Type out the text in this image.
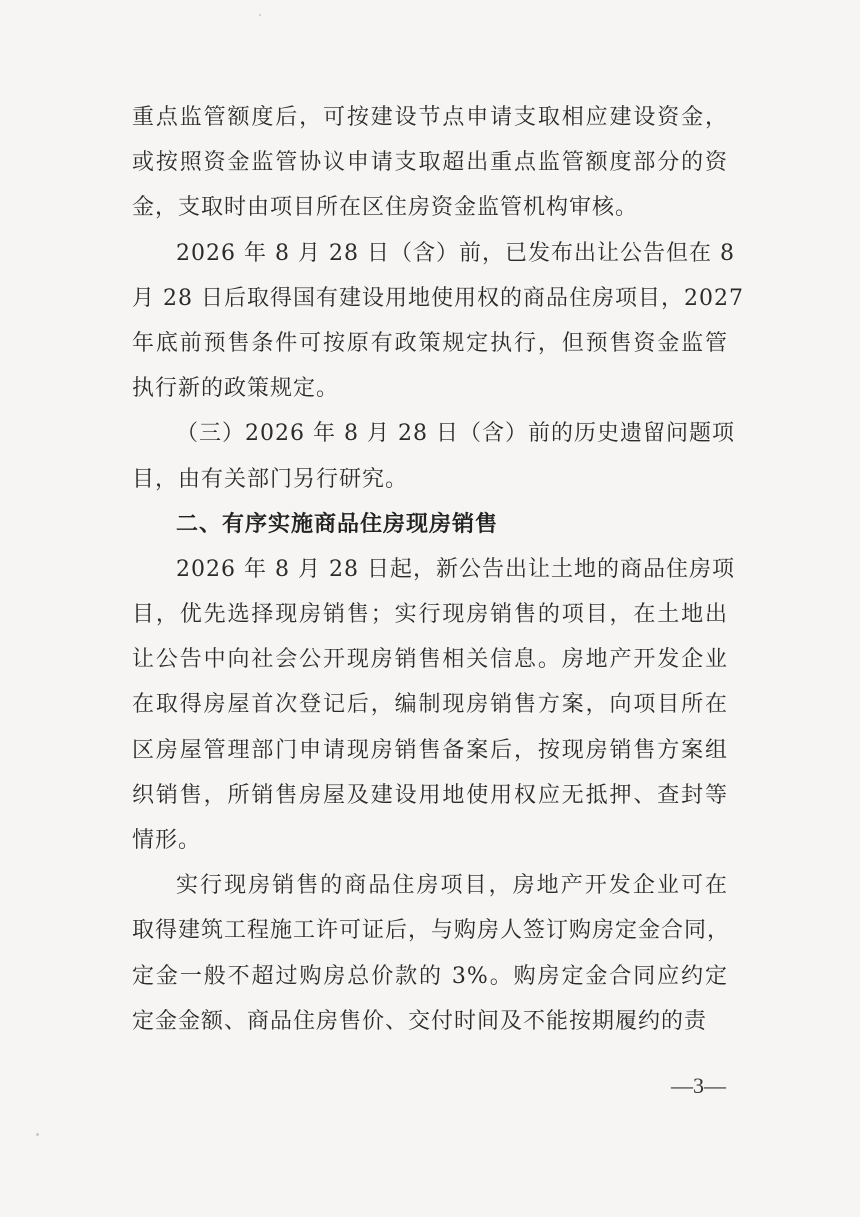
重点监管额度后，可按建设节点申请支取相应建设资金，
或按照资金监管协议申请支取超出重点监管额度部分的资
金，支取时由项目所在区住房资金监管机构审核。
2026 年 8 月 28 日（含）前，已发布出让公告但在 8
月 28 日后取得国有建设用地使用权的商品住房项目，2027
年底前预售条件可按原有政策规定执行，但预售资金监管
执行新的政策规定。
（三）2026 年 8 月 28 日（含）前的历史遗留问题项
目，由有关部门另行研究。
二、有序实施商品住房现房销售
2026 年 8 月 28 日起，新公告出让土地的商品住房项
目，优先选择现房销售；实行现房销售的项目，在土地出
让公告中向社会公开现房销售相关信息。房地产开发企业
在取得房屋首次登记后，编制现房销售方案，向项目所在
区房屋管理部门申请现房销售备案后，按现房销售方案组
织销售，所销售房屋及建设用地使用权应无抵押、查封等
情形。
实行现房销售的商品住房项目，房地产开发企业可在
取得建筑工程施工许可证后，与购房人签订购房定金合同，
定金一般不超过购房总价款的 3%。购房定金合同应约定
定金金额、商品住房售价、交付时间及不能按期履约的责
—3—
